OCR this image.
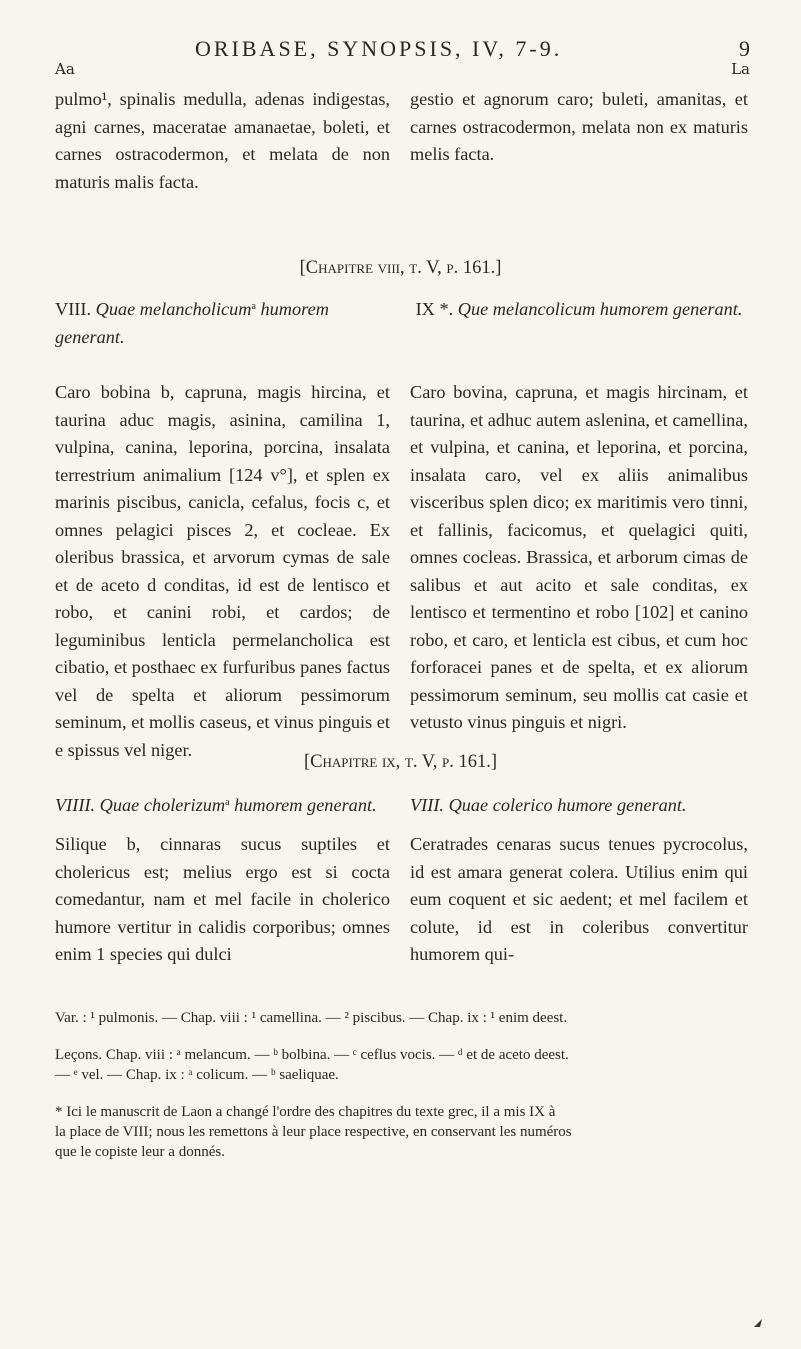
ORIBASE, SYNOPSIS, IV, 7-9.	9
Aa	La
pulmo¹, spinalis medulla, adenas indigestas, agni carnes, maceratae amanaetae, boleti, et carnes ostracodermon, et melata de non maturis malis facta.
gestio et agnorum caro; buleti, amanitas, et carnes ostracodermon, melata non ex maturis melis facta.
[Chapitre viii, t. V, p. 161.]
VIII. Quae melancholicum$^a$ humorem generant.
IX *. Que melancolicum humorem generant.
Caro bobina b, capruna, magis hircina, et taurina aduc magis, asinina, camilina 1, vulpina, canina, leporina, porcina, insalata terrestrium animalium [124 v°], et splen ex marinis piscibus, canicla, cefalus, focis c, et omnes pelagici pisces 2, et cocleae. Ex oleribus brassica, et arvorum cymas de sale et de aceto d conditas, id est de lentisco et robo, et canini robi, et cardos; de leguminibus lenticla permelancholica est cibatio, et posthaec ex furfuribus panes factus vel de spelta et aliorum pessimorum seminum, et mollis caseus, et vinus pinguis et e spissus vel niger.
Caro bovina, capruna, et magis hircinam, et taurina, et adhuc autem aslenina, et camellina, et vulpina, et canina, et leporina, et porcina, insalata caro, vel ex aliis animalibus visceribus splen dico; ex maritimis vero tinni, et fallinis, facicomus, et quelagici quiti, omnes cocleas. Brassica, et arborum cimas de salibus et aut acito et sale conditas, ex lentisco et termentino et robo [102] et canino robo, et caro, et lenticla est cibus, et cum hoc forforacei panes et de spelta, et ex aliorum pessimorum seminum, seu mollis cat casie et vetusto vinus pinguis et nigri.
[Chapitre ix, t. V, p. 161.]
VIIII. Quae cholerizum$^a$ humorem generant.	VIII. Quae colerico humore generant.
Silique b, cinnaras sucus suptiles et cholericus est; melius ergo est si cocta comedantur, nam et mel facile in cholerico humore vertitur in calidis corporibus; omnes enim 1 species qui dulci
Ceratrades cenaras sucus tenues pycrocolus, id est amara generat colera. Utilius enim qui eum coquent et sic aedent; et mel facilem et colute, id est in coleribus convertitur humorem qui-
Var. : ¹ pulmonis. — Chap. viii : ¹ camellina. — ² piscibus. — Chap. ix : ¹ enim deest.
Leçons. Chap. viii : ᵃ melancum. — ᵇ bolbina. — ᶜ ceflus vocis. — ᵈ et de aceto deest.
— ᵉ vel. — Chap. ix : ᵃ colicum. — ᵇ saeliquae.
* Ici le manuscrit de Laon a changé l'ordre des chapitres du texte grec, il a mis IX à
la place de VIII; nous les remettons à leur place respective, en conservant les numéros
que le copiste leur a donnés.
